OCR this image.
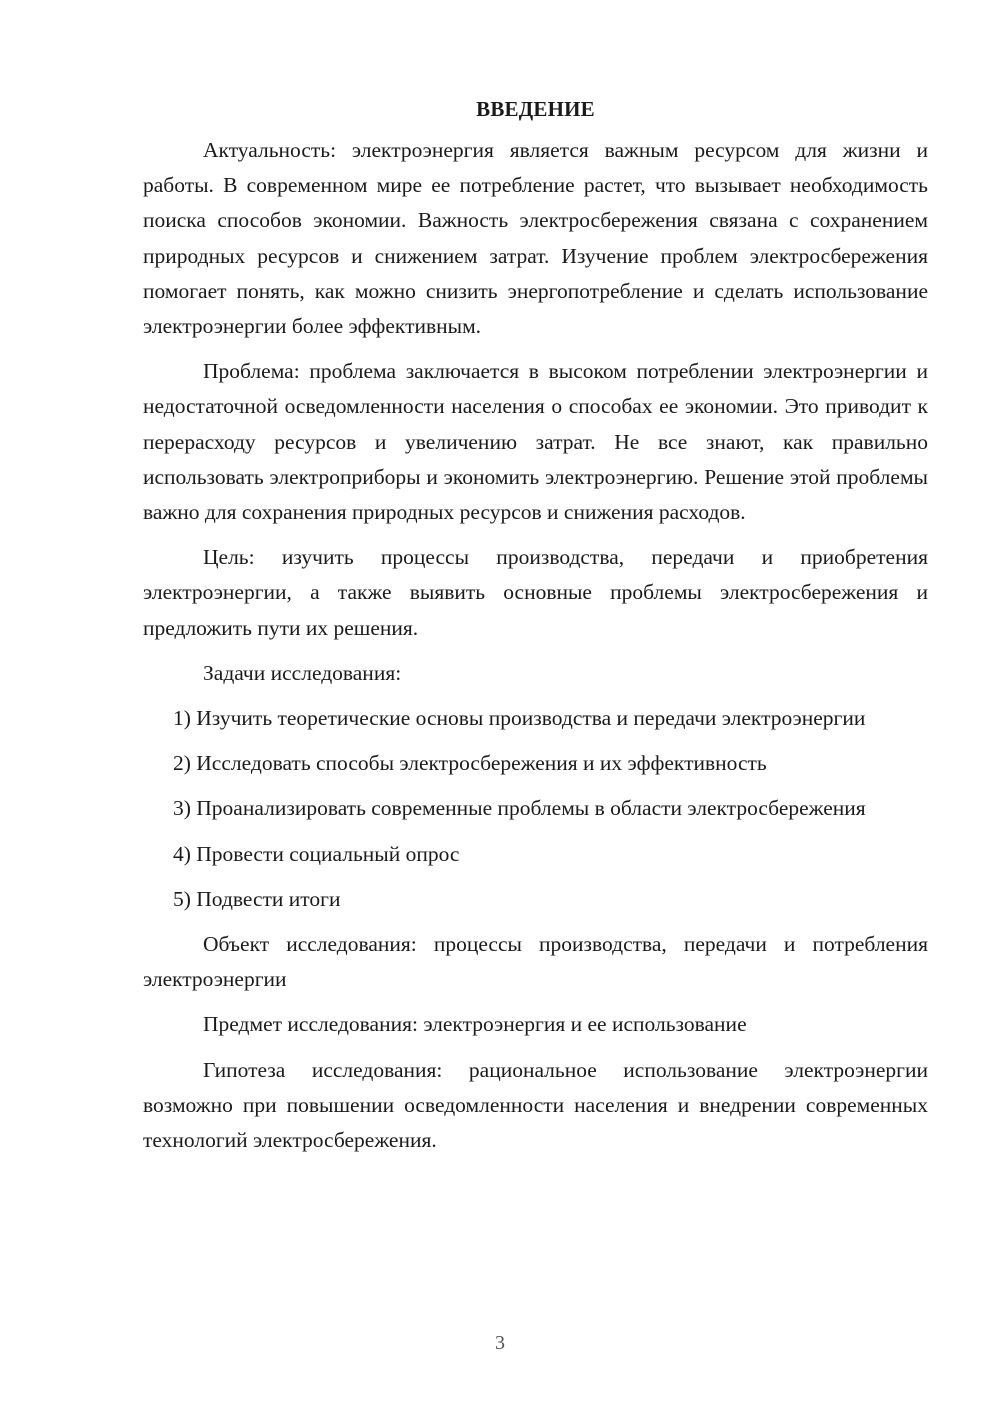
ВВЕДЕНИЕ

Актуальность: электроэнергия является важным ресурсом для жизни и работы. В современном мире ее потребление растет, что вызывает необходимость поиска способов экономии. Важность электросбережения связана с сохранением природных ресурсов и снижением затрат. Изучение проблем электросбережения помогает понять, как можно снизить энергопотребление и сделать использование электроэнергии более эффективным.

Проблема: проблема заключается в высоком потреблении электроэнергии и недостаточной осведомленности населения о способах ее экономии. Это приводит к перерасходу ресурсов и увеличению затрат. Не все знают, как правильно использовать электроприборы и экономить электроэнергию. Решение этой проблемы важно для сохранения природных ресурсов и снижения расходов.

Цель: изучить процессы производства, передачи и приобретения электроэнергии, а также выявить основные проблемы электросбережения и предложить пути их решения.

Задачи исследования:

1) Изучить теоретические основы производства и передачи электроэнергии

2) Исследовать способы электросбережения и их эффективность

3) Проанализировать современные проблемы в области электросбережения

4) Провести социальный опрос

5) Подвести итоги

Объект исследования: процессы производства, передачи и потребления электроэнергии

Предмет исследования: электроэнергия и ее использование

Гипотеза исследования: рациональное использование электроэнергии возможно при повышении осведомленности населения и внедрении современных технологий электросбережения.

3
